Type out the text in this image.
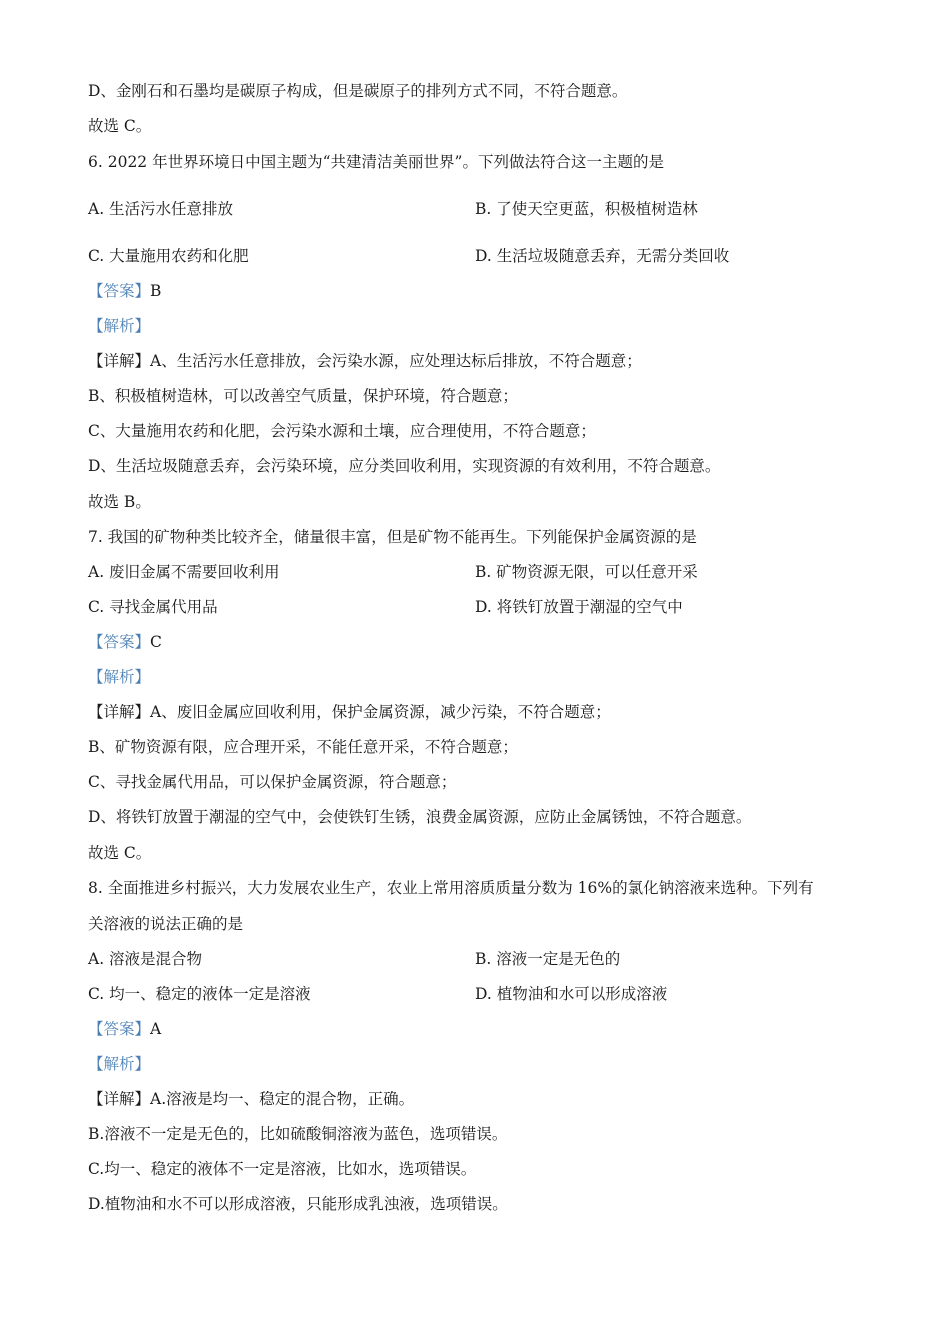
D、金刚石和石墨均是碳原子构成，但是碳原子的排列方式不同，不符合题意。
故选 C。
6. 2022 年世界环境日中国主题为“共建清洁美丽世界”。下列做法符合这一主题的是
A. 生活污水任意排放	B. 了使天空更蓝，积极植树造林
C. 大量施用农药和化肥	D. 生活垃圾随意丢弃，无需分类回收
【答案】B
【解析】
【详解】A、生活污水任意排放，会污染水源，应处理达标后排放，不符合题意；
B、积极植树造林，可以改善空气质量，保护环境，符合题意；
C、大量施用农药和化肥，会污染水源和土壤，应合理使用，不符合题意；
D、生活垃圾随意丢弃，会污染环境，应分类回收利用，实现资源的有效利用，不符合题意。
故选 B。
7. 我国的矿物种类比较齐全，储量很丰富，但是矿物不能再生。下列能保护金属资源的是
A. 废旧金属不需要回收利用	B. 矿物资源无限，可以任意开采
C. 寻找金属代用品	D. 将铁钉放置于潮湿的空气中
【答案】C
【解析】
【详解】A、废旧金属应回收利用，保护金属资源，减少污染，不符合题意；
B、矿物资源有限，应合理开采，不能任意开采，不符合题意；
C、寻找金属代用品，可以保护金属资源，符合题意；
D、将铁钉放置于潮湿的空气中，会使铁钉生锈，浪费金属资源，应防止金属锈蚀，不符合题意。
故选 C。
8. 全面推进乡村振兴，大力发展农业生产，农业上常用溶质质量分数为 16%的氯化钠溶液来选种。下列有
关溶液的说法正确的是
A. 溶液是混合物	B. 溶液一定是无色的
C. 均一、稳定的液体一定是溶液	D. 植物油和水可以形成溶液
【答案】A
【解析】
【详解】A.溶液是均一、稳定的混合物，正确。
B.溶液不一定是无色的，比如硫酸铜溶液为蓝色，选项错误。
C.均一、稳定的液体不一定是溶液，比如水，选项错误。
D.植物油和水不可以形成溶液，只能形成乳浊液，选项错误。
